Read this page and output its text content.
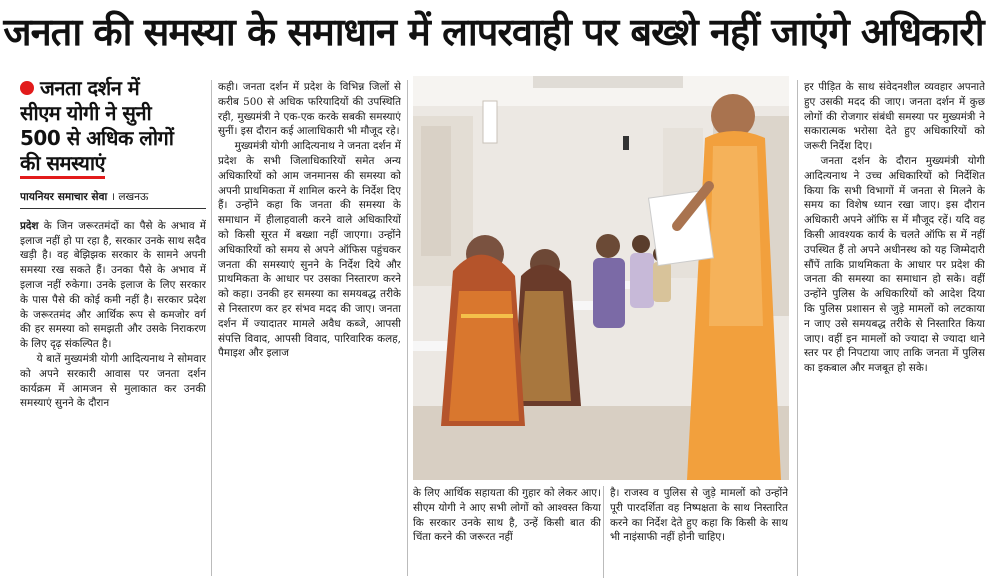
जनता की समस्या के समाधान में लापरवाही पर बख्शे नहीं जाएंगे अधिकारी
जनता दर्शन में
सीएम योगी ने सुनी
500 से अधिक लोगों
की समस्याएं
पायनियर समाचार सेवा । लखनऊ

प्रदेश के जिन जरूरतमंदों का पैसे के अभाव में इलाज नहीं हो पा रहा है, सरकार उनके साथ सदैव खड़ी है। वह बेझिझक सरकार के सामने अपनी समस्या रख सकते हैं। उनका पैसे के अभाव में इलाज नहीं रुकेगा। उनके इलाज के लिए सरकार के पास पैसे की कोई कमी नहीं है। सरकार प्रदेश के जरूरतमंद और आर्थिक रूप से कमजोर वर्ग की हर समस्या को समझती और उसके निराकरण के लिए दृढ़ संकल्पित है।

ये बातें मुख्यमंत्री योगी आदित्यनाथ ने सोमवार को अपने सरकारी आवास पर जनता दर्शन कार्यक्रम में आमजन से मुलाकात कर उनकी समस्याएं सुनने के दौरान

कही। जनता दर्शन में प्रदेश के विभिन्न जिलों से करीब 500 से अधिक फरियादियों की उपस्थिति रही, मुख्यमंत्री ने एक-एक करके सबकी समस्याएं सुनीं। इस दौरान कई आलाधिकारी भी मौजूद रहे।

मुख्यमंत्री योगी आदित्यनाथ ने जनता दर्शन में प्रदेश के सभी जिलाधिकारियों समेत अन्य अधिकारियों को आम जनमानस की समस्या को अपनी प्राथमिकता में शामिल करने के निर्देश दिए हैं। उन्होंने कहा कि जनता की समस्या के समाधान में हीलाहवाली करने वाले अधिकारियों को किसी सूरत में बख्शा नहीं जाएगा। उन्होंने अधिकारियों को समय से अपने ऑफिस पहुंचकर जनता की समस्याएं सुनने के निर्देश दिये और प्राथमिकता के आधार पर उसका निस्तारण करने को कहा। उनकी हर समस्या का समयबद्ध तरीके से निस्तारण कर हर संभव मदद की जाए। जनता दर्शन में ज्यादातर मामले अवैध कब्जे, आपसी संपत्ति विवाद, आपसी विवाद, पारिवारिक कलह, पैमाइश और इलाज

के लिए आर्थिक सहायता की गुहार को लेकर आए। सीएम योगी ने आए सभी लोगों को आश्वस्त किया कि सरकार उनके साथ है, उन्हें किसी बात की चिंता करने की जरूरत नहीं

है। राजस्व व पुलिस से जुड़े मामलों को उन्होंने पूरी पारदर्शिता वह निष्पक्षता के साथ निस्तारित करने का निर्देश देते हुए कहा कि किसी के साथ भी नाइंसाफी नहीं होनी चाहिए।

हर पीड़ित के साथ संवेदनशील व्यवहार अपनाते हुए उसकी मदद की जाए। जनता दर्शन में कुछ लोगों की रोजगार संबंधी समस्या पर मुख्यमंत्री ने सकारात्मक भरोसा देते हुए अधिकारियों को जरूरी निर्देश दिए।

जनता दर्शन के दौरान मुख्यमंत्री योगी आदित्यनाथ ने उच्च अधिकारियों को निर्देशित किया कि सभी विभागों में जनता से मिलने के समय का विशेष ध्यान रखा जाए। इस दौरान अधिकारी अपने ऑफि स में मौजूद रहें। यदि वह किसी आवश्यक कार्य के चलते ऑफि स में नहीं उपस्थित हैं तो अपने अधीनस्थ को यह जिम्मेदारी सौंपें ताकि प्राथमिकता के आधार पर प्रदेश की जनता की समस्या का समाधान हो सके। वहीं उन्होंने पुलिस के अधिकारियों को आदेश दिया कि पुलिस प्रशासन से जुड़े मामलों को लटकाया न जाए उसे समयबद्ध तरीके से निस्तारित किया जाए। वहीं इन मामलों को ज्यादा से ज्यादा थाने स्तर पर ही निपटाया जाए ताकि जनता में पुलिस का इकबाल और मजबूत हो सके।
